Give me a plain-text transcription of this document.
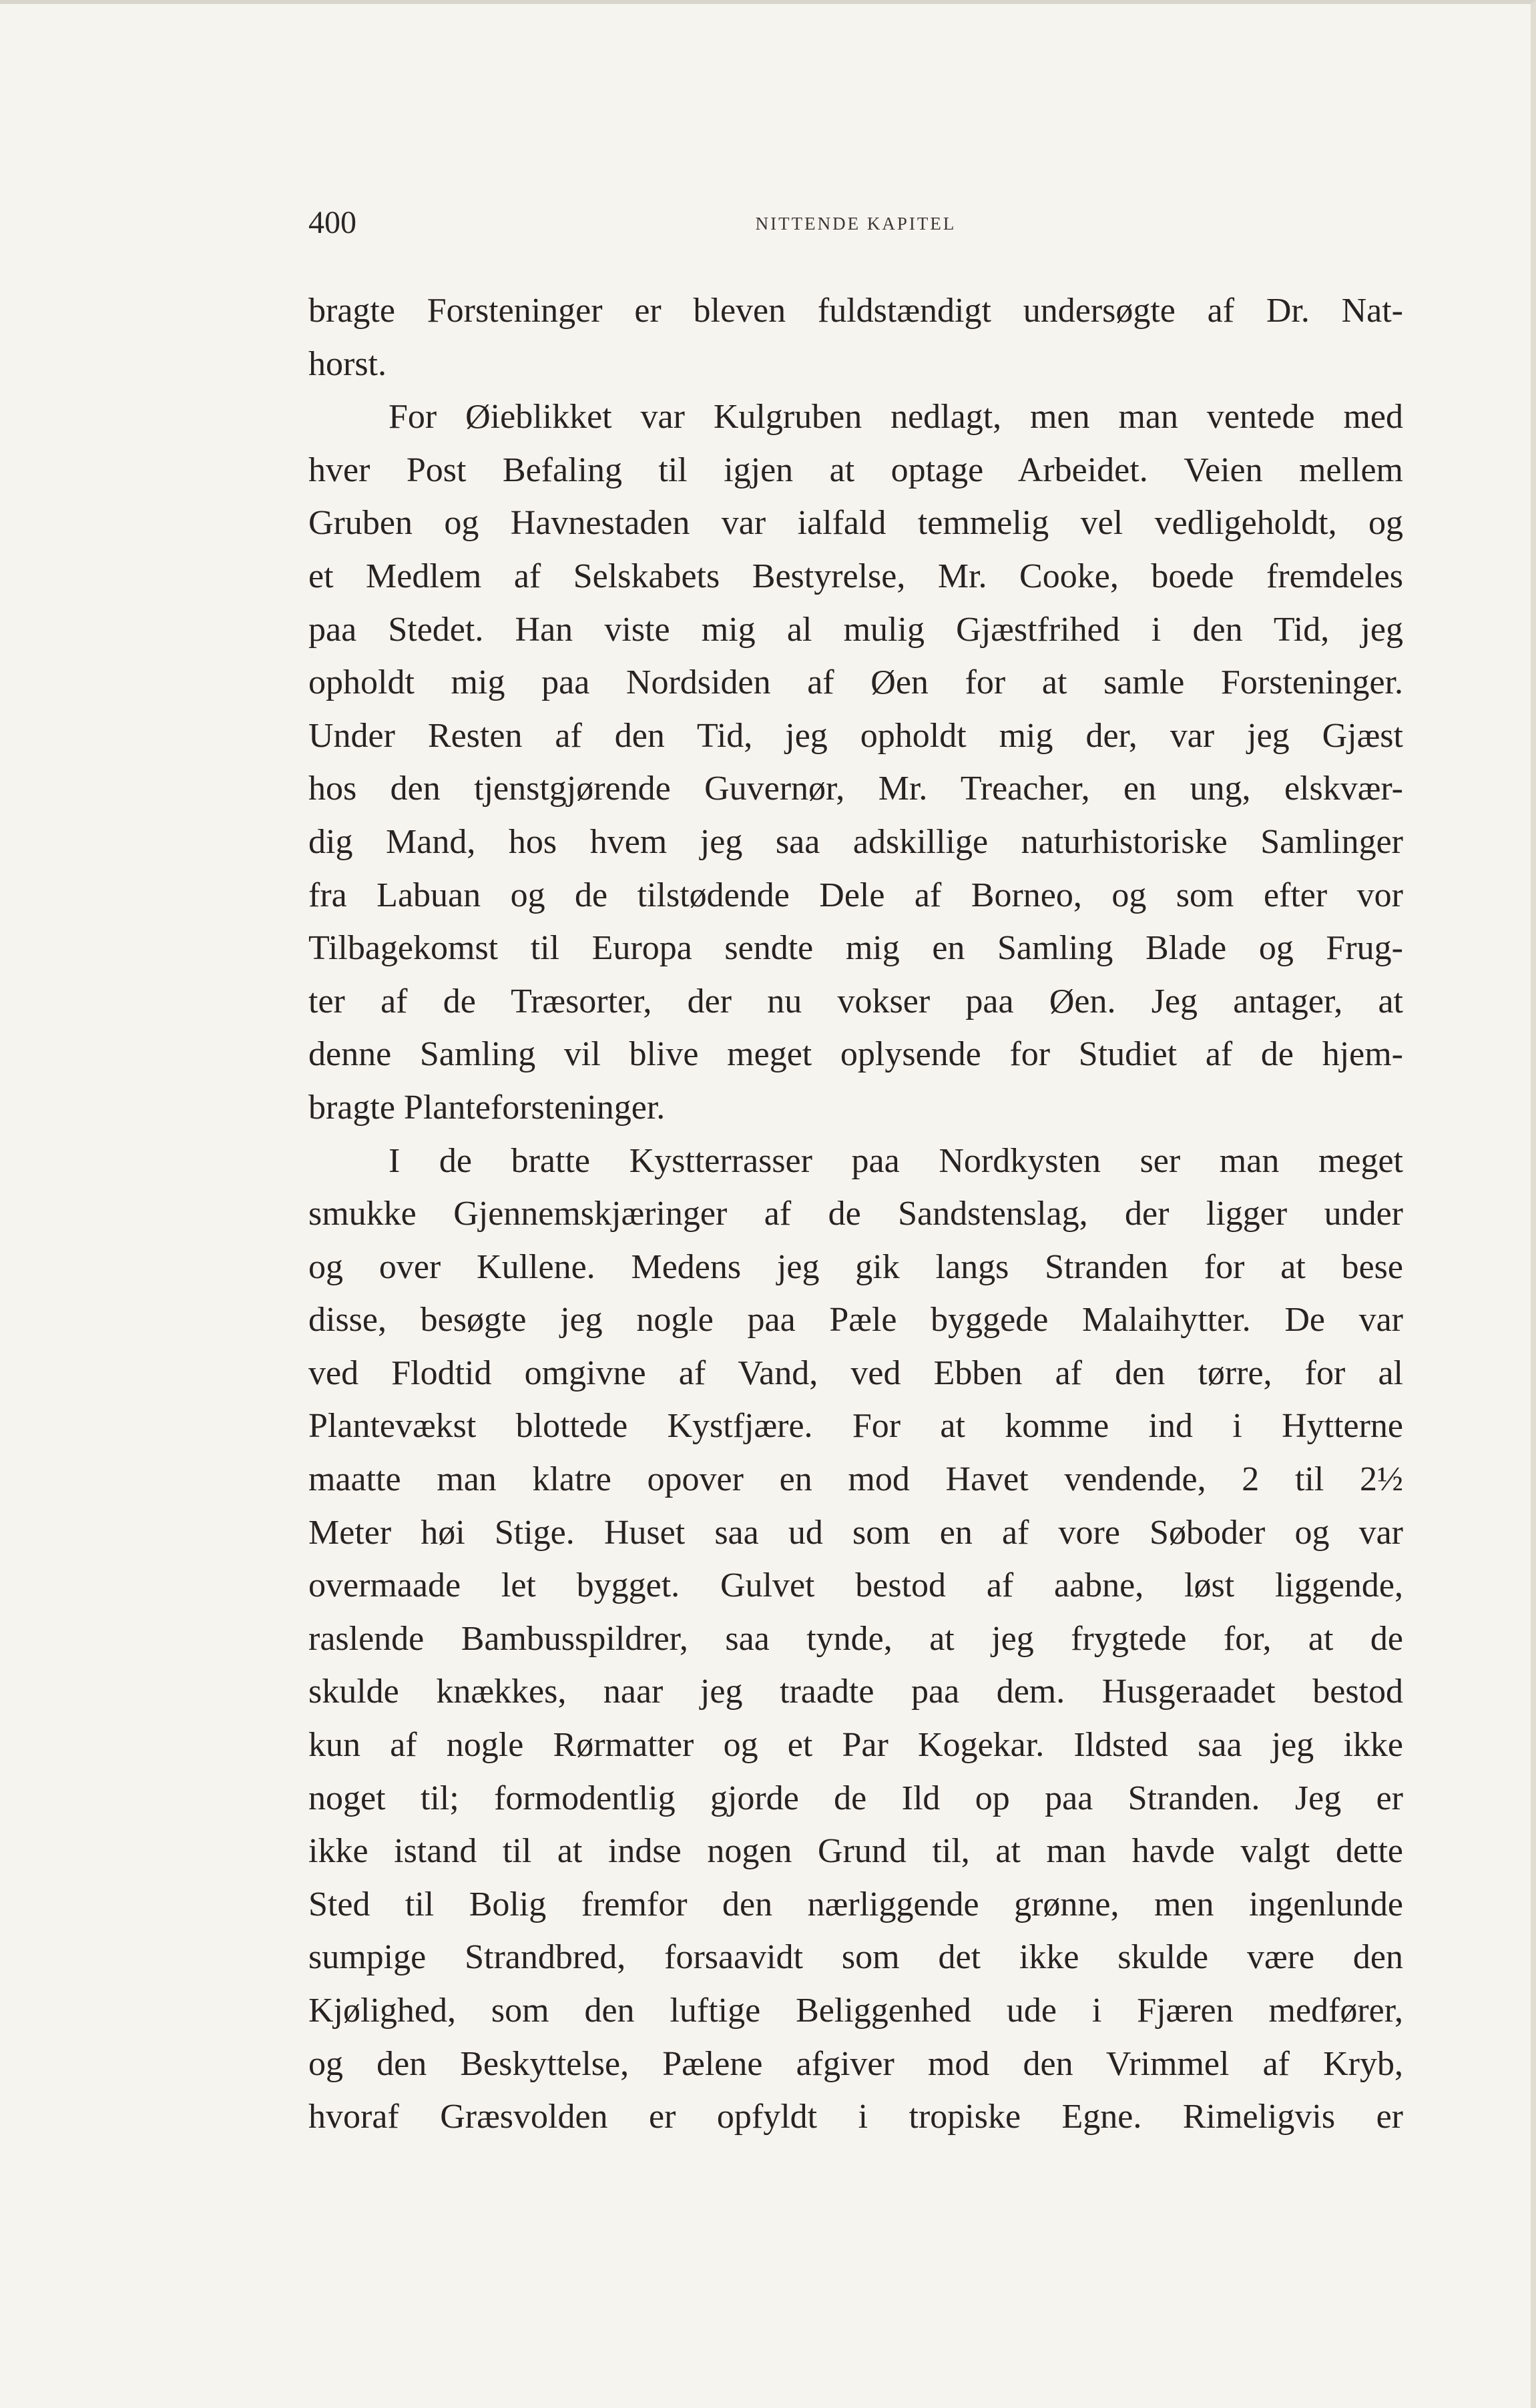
400	NITTENDE KAPITEL
bragte Forsteninger er bleven fuldstændigt undersøgte af Dr. Nat-
horst.
For Øieblikket var Kulgruben nedlagt, men man ventede med
hver Post Befaling til igjen at optage Arbeidet. Veien mellem
Gruben og Havnestaden var ialfald temmelig vel vedligeholdt, og
et Medlem af Selskabets Bestyrelse, Mr. Cooke, boede fremdeles
paa Stedet. Han viste mig al mulig Gjæstfrihed i den Tid, jeg
opholdt mig paa Nordsiden af Øen for at samle Forsteninger.
Under Resten af den Tid, jeg opholdt mig der, var jeg Gjæst
hos den tjenstgjørende Guvernør, Mr. Treacher, en ung, elskvær-
dig Mand, hos hvem jeg saa adskillige naturhistoriske Samlinger
fra Labuan og de tilstødende Dele af Borneo, og som efter vor
Tilbagekomst til Europa sendte mig en Samling Blade og Frug-
ter af de Træsorter, der nu vokser paa Øen. Jeg antager, at
denne Samling vil blive meget oplysende for Studiet af de hjem-
bragte Planteforsteninger.
I de bratte Kystterrasser paa Nordkysten ser man meget
smukke Gjennemskjæringer af de Sandstenslag, der ligger under
og over Kullene. Medens jeg gik langs Stranden for at bese
disse, besøgte jeg nogle paa Pæle byggede Malaihytter. De var
ved Flodtid omgivne af Vand, ved Ebben af den tørre, for al
Plantevækst blottede Kystfjære. For at komme ind i Hytterne
maatte man klatre opover en mod Havet vendende, 2 til 2½
Meter høi Stige. Huset saa ud som en af vore Søboder og var
overmaade let bygget. Gulvet bestod af aabne, løst liggende,
raslende Bambusspildrer, saa tynde, at jeg frygtede for, at de
skulde knækkes, naar jeg traadte paa dem. Husgeraadet bestod
kun af nogle Rørmatter og et Par Kogekar. Ildsted saa jeg ikke
noget til; formodentlig gjorde de Ild op paa Stranden. Jeg er
ikke istand til at indse nogen Grund til, at man havde valgt dette
Sted til Bolig fremfor den nærliggende grønne, men ingenlunde
sumpige Strandbred, forsaavidt som det ikke skulde være den
Kjølighed, som den luftige Beliggenhed ude i Fjæren medfører,
og den Beskyttelse, Pælene afgiver mod den Vrimmel af Kryb,
hvoraf Græsvolden er opfyldt i tropiske Egne. Rimeligvis er
